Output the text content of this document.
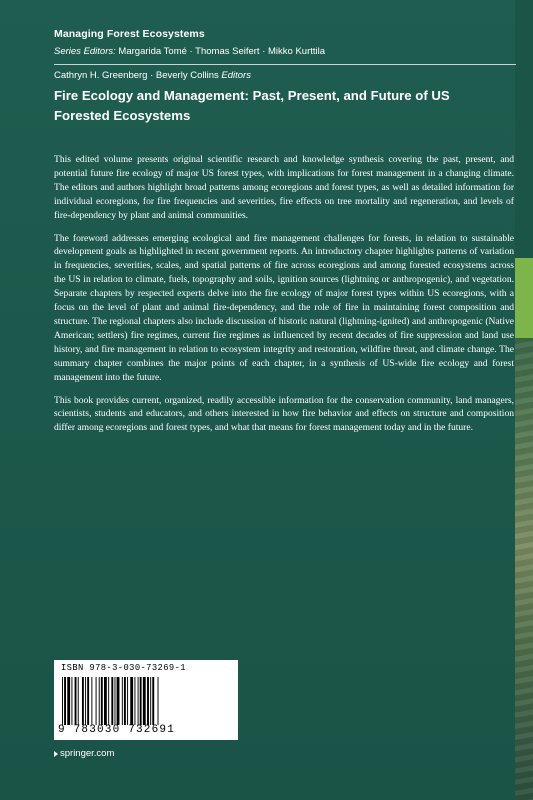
Managing Forest Ecosystems
Series Editors: Margarida Tomé · Thomas Seifert · Mikko Kurttila
Cathryn H. Greenberg · Beverly Collins Editors
Fire Ecology and Management: Past, Present, and Future of US Forested Ecosystems

This edited volume presents original scientific research and knowledge synthesis covering the past, present, and potential future fire ecology of major US forest types, with implications for forest management in a changing climate. The editors and authors highlight broad patterns among ecoregions and forest types, as well as detailed information for individual ecoregions, for fire frequencies and severities, fire effects on tree mortality and regeneration, and levels of fire-dependency by plant and animal communities.

The foreword addresses emerging ecological and fire management challenges for forests, in relation to sustainable development goals as highlighted in recent government reports. An introductory chapter highlights patterns of variation in frequencies, severities, scales, and spatial patterns of fire across ecoregions and among forested ecosystems across the US in relation to climate, fuels, topography and soils, ignition sources (lightning or anthropogenic), and vegetation. Separate chapters by respected experts delve into the fire ecology of major forest types within US ecoregions, with a focus on the level of plant and animal fire-dependency, and the role of fire in maintaining forest composition and structure. The regional chapters also include discussion of historic natural (lightning-ignited) and anthropogenic (Native American; settlers) fire regimes, current fire regimes as influenced by recent decades of fire suppression and land use history, and fire management in relation to ecosystem integrity and restoration, wildfire threat, and climate change. The summary chapter combines the major points of each chapter, in a synthesis of US-wide fire ecology and forest management into the future.

This book provides current, organized, readily accessible information for the conservation community, land managers, scientists, students and educators, and others interested in how fire behavior and effects on structure and composition differ among ecoregions and forest types, and what that means for forest management today and in the future.

ISBN 978-3-030-73269-1
9 783030 732691
springer.com
